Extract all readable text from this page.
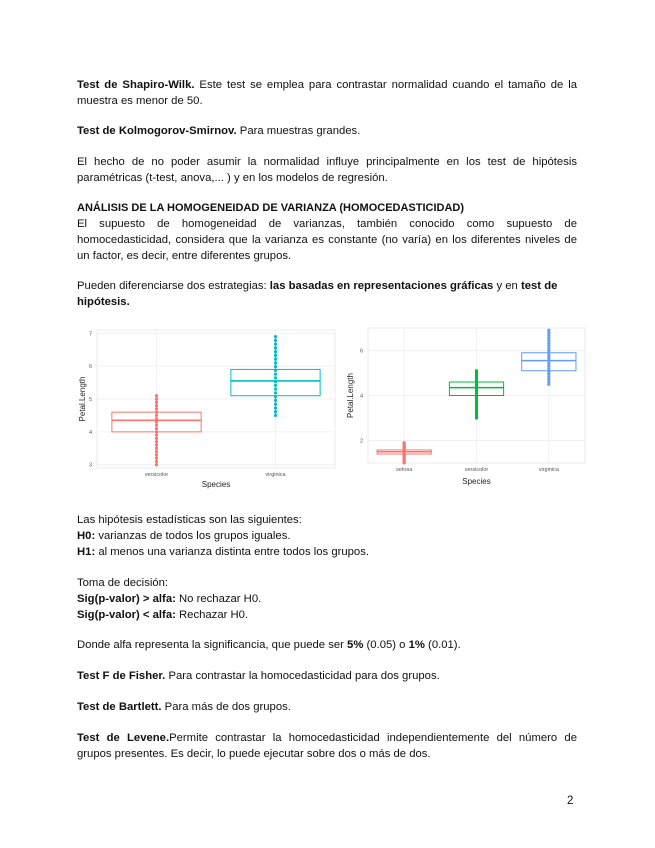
Test de Shapiro-Wilk. Este test se emplea para contrastar normalidad cuando el tamaño de la muestra es menor de 50.

Test de Kolmogorov-Smirnov. Para muestras grandes.

El hecho de no poder asumir la normalidad influye principalmente en los test de hipótesis paramétricas (t-test, anova,... ) y en los modelos de regresión.

ANÁLISIS DE LA HOMOGENEIDAD DE VARIANZA (HOMOCEDASTICIDAD)

El supuesto de homogeneidad de varianzas, también conocido como supuesto de homocedasticidad, considera que la varianza es constante (no varía) en los diferentes niveles de un factor, es decir, entre diferentes grupos.

Pueden diferenciarse dos estrategias: las basadas en representaciones gráficas y en test de hipótesis.

3
4
5
6
7
versicolor	virginica
Species
Petal.Length
2
4
6
setosa	versicolor	virginica
Species
Petal.Length

Las hipótesis estadísticas son las siguientes:

H0: varianzas de todos los grupos iguales.

H1: al menos una varianza distinta entre todos los grupos.

Toma de decisión:

Sig(p-valor) > alfa: No rechazar H0.

Sig(p-valor) < alfa: Rechazar H0.

Donde alfa representa la significancia, que puede ser 5% (0.05) o 1% (0.01).

Test F de Fisher. Para contrastar la homocedasticidad para dos grupos.

Test de Bartlett. Para más de dos grupos.

Test de Levene.Permite contrastar la homocedasticidad independientemente del número de grupos presentes. Es decir, lo puede ejecutar sobre dos o más de dos.

2
